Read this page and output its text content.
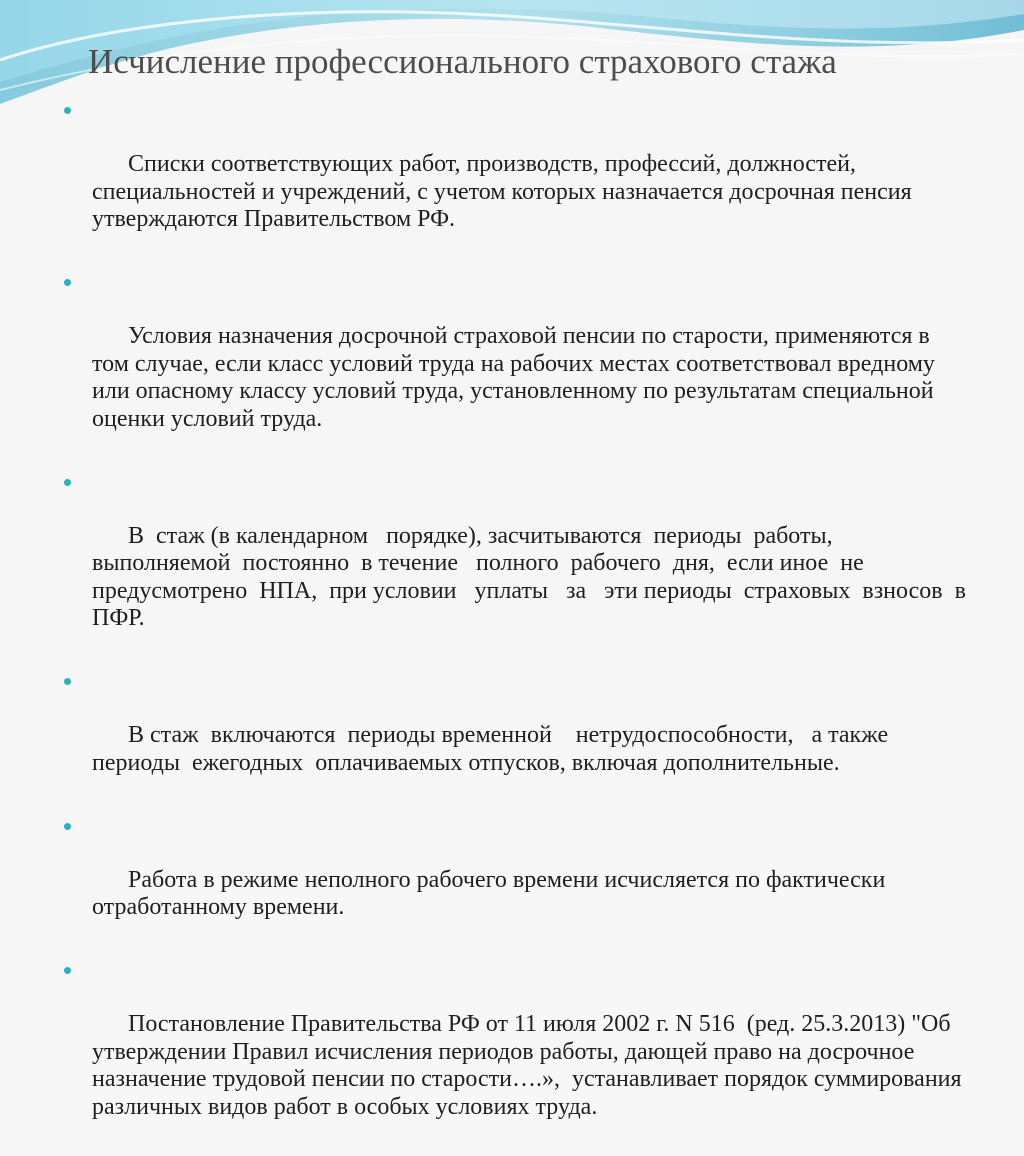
Исчисление профессионального страхового стажа

Списки соответствующих работ, производств, профессий, должностей, специальностей и учреждений, с учетом которых назначается досрочная пенсия утверждаются Правительством РФ.

Условия назначения досрочной страховой пенсии по старости, применяются в том случае, если класс условий труда на рабочих местах соответствовал вредному или опасному классу условий труда, установленному по результатам специальной оценки условий труда.

В  стаж (в календарном   порядке), засчитываются  периоды  работы, выполняемой  постоянно  в течение   полного  рабочего  дня,  если иное  не  предусмотрено  НПА,  при условии   уплаты   за   эти периоды  страховых  взносов  в ПФР.

В стаж  включаются  периоды временной    нетрудоспособности,   а также периоды  ежегодных  оплачиваемых отпусков, включая дополнительные.

Работа в режиме неполного рабочего времени исчисляется по фактически   отработанному времени.

Постановление Правительства РФ от 11 июля 2002 г. N 516  (ред. 25.3.2013) "Об утверждении Правил исчисления периодов работы, дающей право на досрочное назначение трудовой пенсии по старости….»,  устанавливает порядок суммирования различных видов работ в особых условиях труда.
